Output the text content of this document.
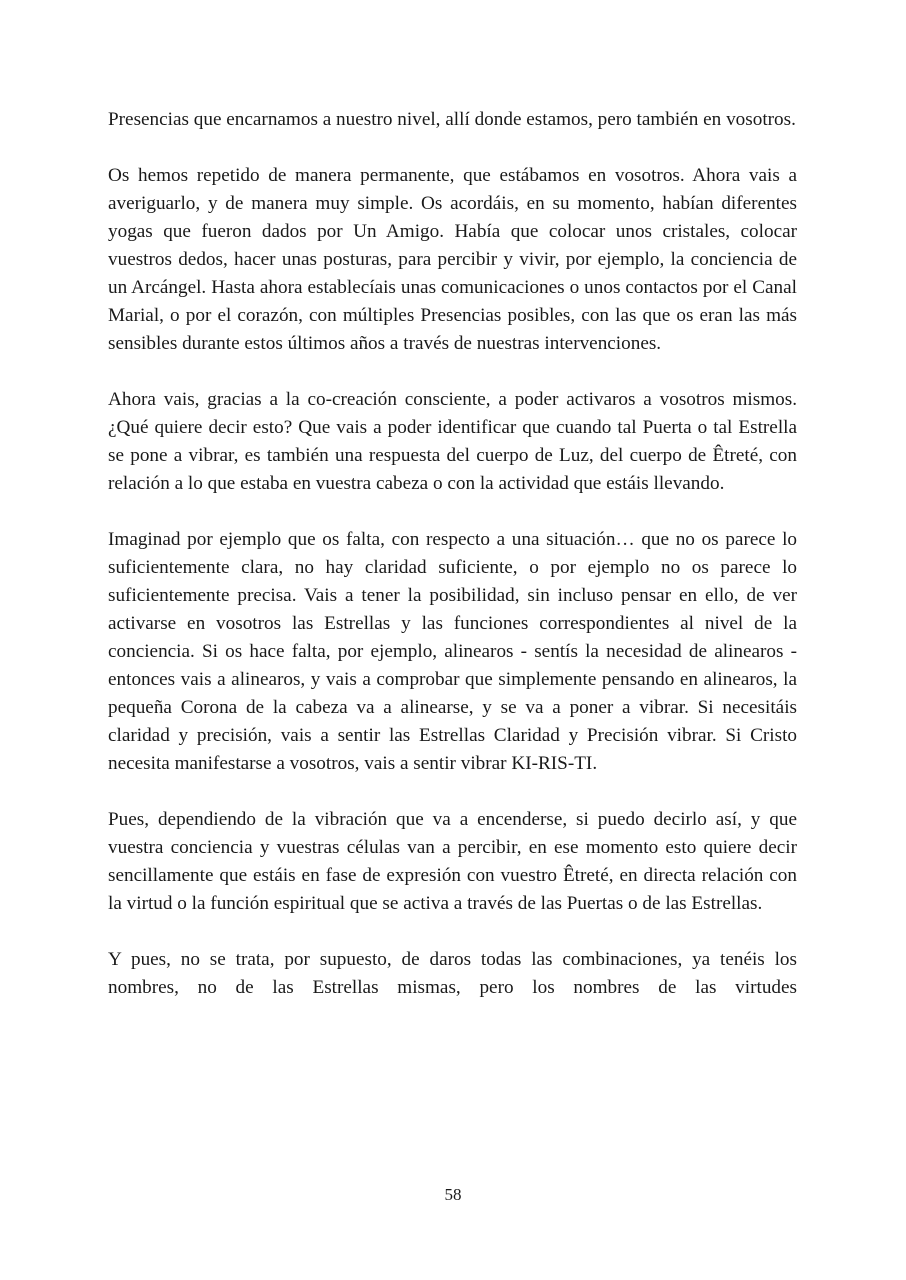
Presencias que encarnamos a nuestro nivel, allí donde estamos, pero también en vosotros.

Os hemos repetido de manera permanente, que estábamos en vosotros. Ahora vais a averiguarlo, y de manera muy simple. Os acordáis, en su momento, habían diferentes yogas que fueron dados por Un Amigo. Había que colocar unos cristales, colocar vuestros dedos, hacer unas posturas, para percibir y vivir, por ejemplo, la conciencia de un Arcángel. Hasta ahora establecíais unas comunicaciones o unos contactos por el Canal Marial, o por el corazón, con múltiples Presencias posibles, con las que os eran las más sensibles durante estos últimos años a través de nuestras intervenciones.

Ahora vais, gracias a la co-creación consciente, a poder activaros a vosotros mismos. ¿Qué quiere decir esto? Que vais a poder identificar que cuando tal Puerta o tal Estrella se pone a vibrar, es también una respuesta del cuerpo de Luz, del cuerpo de Êtreté, con relación a lo que estaba en vuestra cabeza o con la actividad que estáis llevando.

Imaginad por ejemplo que os falta, con respecto a una situación… que no os parece lo suficientemente clara, no hay claridad suficiente, o por ejemplo no os parece lo suficientemente precisa. Vais a tener la posibilidad, sin incluso pensar en ello, de ver activarse en vosotros las Estrellas y las funciones correspondientes al nivel de la conciencia. Si os hace falta, por ejemplo, alinearos - sentís la necesidad de alinearos - entonces vais a alinearos, y vais a comprobar que simplemente pensando en alinearos, la pequeña Corona de la cabeza va a alinearse, y se va a poner a vibrar. Si necesitáis claridad y precisión, vais a sentir las Estrellas Claridad y Precisión vibrar. Si Cristo necesita manifestarse a vosotros, vais a sentir vibrar KI-RIS-TI.

Pues, dependiendo de la vibración que va a encenderse, si puedo decirlo así, y que vuestra conciencia y vuestras células van a percibir, en ese momento esto quiere decir sencillamente que estáis en fase de expresión con vuestro Êtreté, en directa relación con la virtud o la función espiritual que se activa a través de las Puertas o de las Estrellas.

Y pues, no se trata, por supuesto, de daros todas las combinaciones, ya tenéis los nombres, no de las Estrellas mismas, pero los nombres de las virtudes

58
